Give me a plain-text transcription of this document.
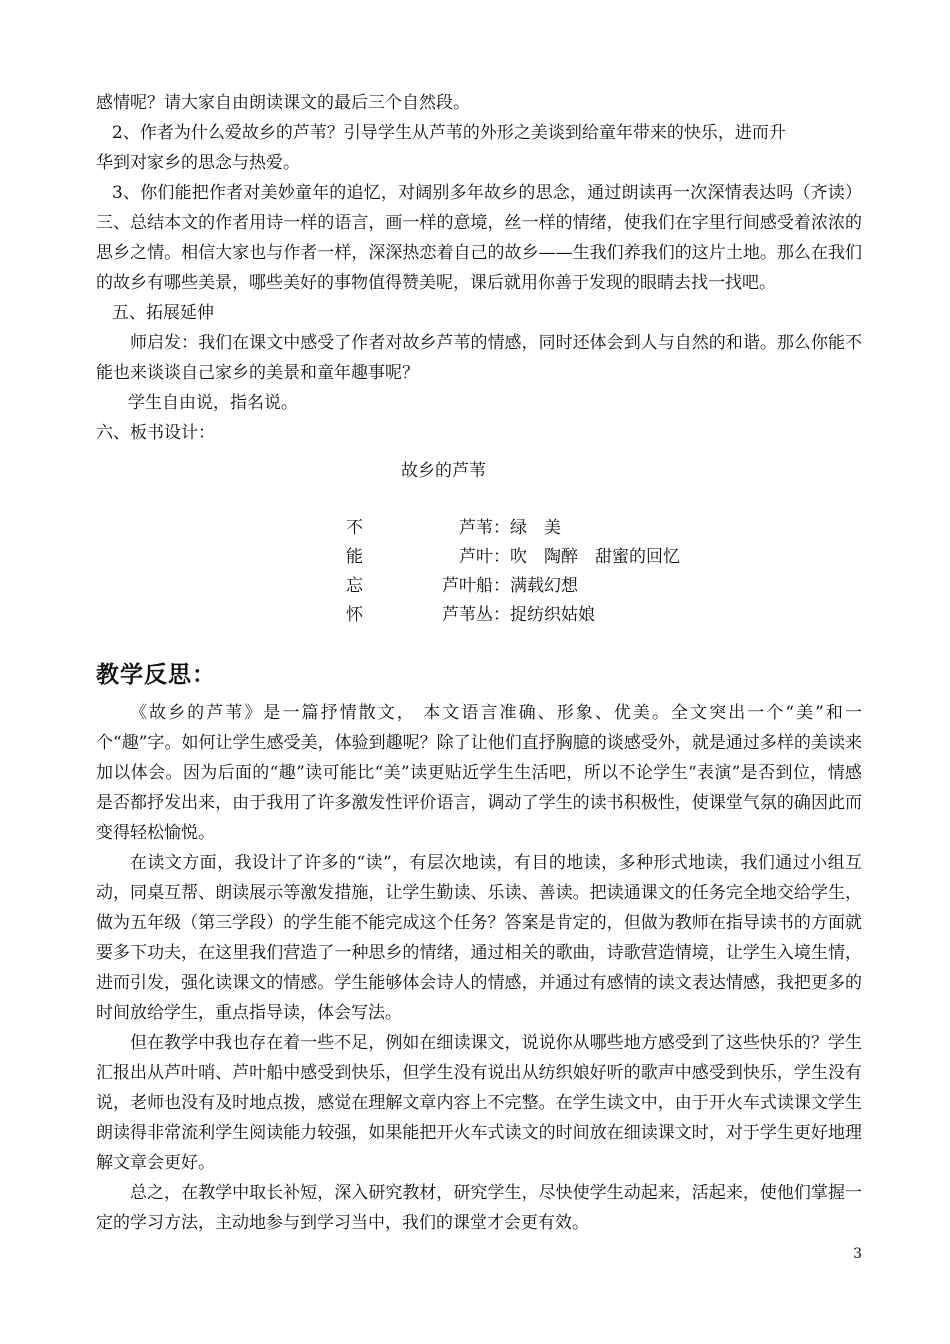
感情呢？请大家自由朗读课文的最后三个自然段。

2、作者为什么爱故乡的芦苇？引导学生从芦苇的外形之美谈到给童年带来的快乐，进而升

华到对家乡的思念与热爱。

3、你们能把作者对美妙童年的追忆，对阔别多年故乡的思念，通过朗读再一次深情表达吗（齐读）三、总结本文的作者用诗一样的语言，画一样的意境，丝一样的情绪，使我们在字里行间感受着浓浓的思乡之情。相信大家也与作者一样，深深热恋着自己的故乡——生我们养我们的这片土地。那么在我们的故乡有哪些美景，哪些美好的事物值得赞美呢，课后就用你善于发现的眼睛去找一找吧。

五、拓展延伸

师启发：我们在课文中感受了作者对故乡芦苇的情感，同时还体会到人与自然的和谐。那么你能不能也来谈谈自己家乡的美景和童年趣事呢？

学生自由说，指名说。

六、板书设计：

故乡的芦苇
不	　　　芦苇：绿　美
能	　　　芦叶：吹　陶醉　甜蜜的回忆
忘	　　芦叶船：满载幻想
怀	　　芦苇丛：捉纺织姑娘
教学反思：

《故乡的芦苇》是一篇抒情散文， 本文语言准确、形象、优美。全文突出一个“美”和一个“趣”字。如何让学生感受美，体验到趣呢？除了让他们直抒胸臆的谈感受外，就是通过多样的美读来加以体会。因为后面的“趣”读可能比“美”读更贴近学生生活吧，所以不论学生“表演”是否到位，情感是否都抒发出来，由于我用了许多激发性评价语言，调动了学生的读书积极性，使课堂气氛的确因此而变得轻松愉悦。

在读文方面，我设计了许多的“读”，有层次地读，有目的地读，多种形式地读，我们通过小组互动，同桌互帮、朗读展示等激发措施，让学生勤读、乐读、善读。把读通课文的任务完全地交给学生，做为五年级（第三学段）的学生能不能完成这个任务？答案是肯定的，但做为教师在指导读书的方面就要多下功夫，在这里我们营造了一种思乡的情绪，通过相关的歌曲，诗歌营造情境，让学生入境生情，进而引发，强化读课文的情感。学生能够体会诗人的情感，并通过有感情的读文表达情感，我把更多的时间放给学生，重点指导读，体会写法。

但在教学中我也存在着一些不足，例如在细读课文，说说你从哪些地方感受到了这些快乐的？学生汇报出从芦叶哨、芦叶船中感受到快乐，但学生没有说出从纺织娘好听的歌声中感受到快乐，学生没有说，老师也没有及时地点拨，感觉在理解文章内容上不完整。在学生读文中，由于开火车式读课文学生朗读得非常流利学生阅读能力较强，如果能把开火车式读文的时间放在细读课文时，对于学生更好地理解文章会更好。

总之，在教学中取长补短，深入研究教材，研究学生，尽快使学生动起来，活起来，使他们掌握一定的学习方法，主动地参与到学习当中，我们的课堂才会更有效。

3
